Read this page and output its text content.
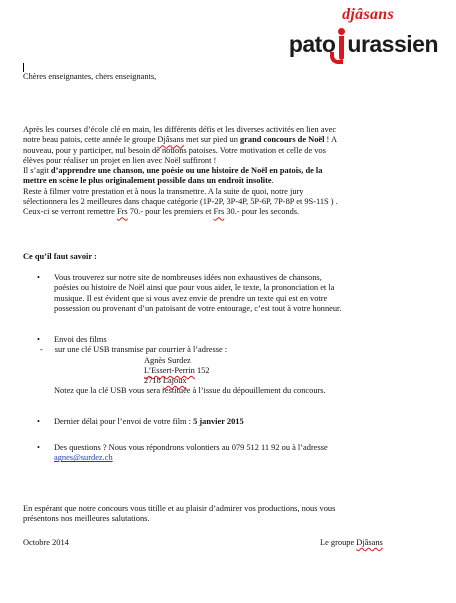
djâsans
pato urassien

Chères enseignantes, chers enseignants,

Après les courses d’école clé en main, les différents défis et les diverses activités en lien avec

notre beau patois, cette année le groupe Djâsans met sur pied un grand concours de Noël ! A

nouveau, pour y participer, nul besoin de notions patoises. Votre motivation et celle de vos

élèves pour réaliser un projet en lien avec Noël suffiront !

Il s’agit d’apprendre une chanson, une poésie ou une histoire de Noël en patois, de la

mettre en scène le plus originalement possible dans un endroit insolite.

Reste à filmer votre prestation et à nous la transmettre. A la suite de quoi, notre jury

sélectionnera les 2 meilleures dans chaque catégorie (1P-2P, 3P-4P, 5P-6P, 7P-8P et 9S-11S ) .

Ceux-ci se verront remettre Frs 70.- pour les premiers et Frs 30.- pour les seconds.

Ce qu’il faut savoir :

Vous trouverez sur notre site de nombreuses idées non exhaustives de chansons,

poésies ou histoire de Noël ainsi que pour vous aider, le texte, la prononciation et la

musique. Il est évident que si vous avez envie de prendre un texte qui est en votre

possession ou provenant d’un patoisant de votre entourage, c’est tout à votre honneur.

Envoi des films

- sur une clé USB transmise par courrier à l’adresse :

Agnès Surdez

L’Essert-Perrin 152

2718 Lajoux

Notez que la clé USB vous sera restituée à l’issue du dépouillement du concours.

Dernier délai pour l’envoi de votre film : 5 janvier 2015

Des questions ? Nous vous répondrons volontiers au 079 512 11 92 ou à l’adresse

agnes@surdez.ch

En espérant que notre concours vous titille et au plaisir d’admirer vos productions, nous vous

présentons nos meilleures salutations.

Octobre 2014	Le groupe Djâsans
